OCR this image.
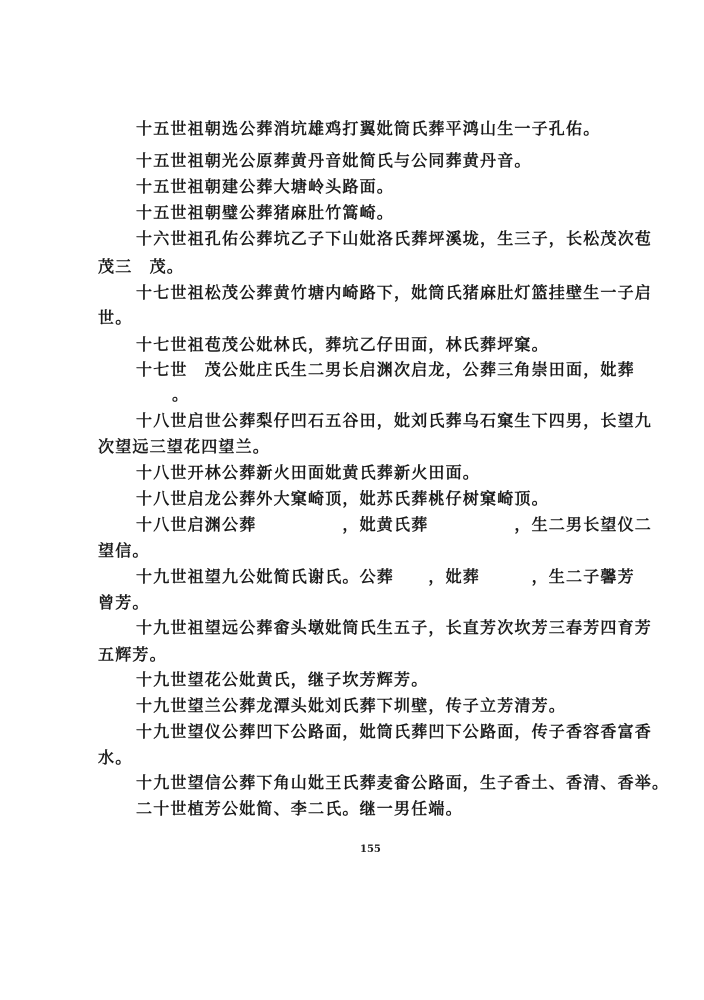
十五世祖朝选公葬消坑雄鸡打翼妣筒氏葬平鸿山生一子孔佑。
十五世祖朝光公原葬黄丹音妣简氏与公同葬黄丹音。
十五世祖朝建公葬大塘岭头路面。
十五世祖朝璧公葬猪麻肚竹篙崎。
十六世祖孔佑公葬坑乙子下山妣洛氏葬坪溪垅，生三子，长松茂次苞
茂三　茂。
十七世祖松茂公葬黄竹塘内崎路下，妣筒氏猪麻肚灯篮挂壁生一子启
世。
十七世祖苞茂公妣林氏，葬坑乙仔田面，林氏葬坪窠。
十七世　茂公妣庄氏生二男长启渊次启龙，公葬三角崇田面，妣葬
。
十八世启世公葬梨仔凹石五谷田，妣刘氏葬乌石窠生下四男，长望九
次望远三望花四望兰。
十八世开林公葬新火田面妣黄氏葬新火田面。
十八世启龙公葬外大窠崎顶，妣苏氏葬桃仔树窠崎顶。
十八世启渊公葬　　　　　，妣黄氏葬　　　　　，生二男长望仪二
望信。
十九世祖望九公妣简氏谢氏。公葬　　，妣葬　　　，生二子馨芳
曾芳。
十九世祖望远公葬畲头墩妣筒氏生五子，长直芳次坎芳三春芳四育芳
五辉芳。
十九世望花公妣黄氏，继子坎芳辉芳。
十九世望兰公葬龙潭头妣刘氏葬下圳壁，传子立芳清芳。
十九世望仪公葬凹下公路面，妣筒氏葬凹下公路面，传子香容香富香
水。
十九世望信公葬下角山妣王氏葬麦畲公路面，生子香土、香清、香举。
二十世植芳公妣简、李二氏。继一男任端。
155
